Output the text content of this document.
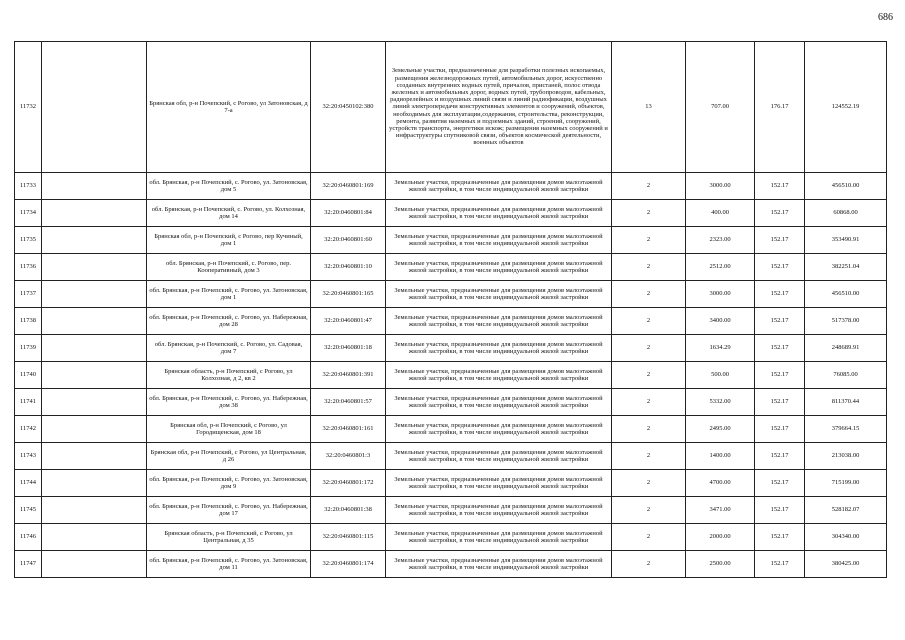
686
11732		Брянская обл, р-н Почепский, с Рогово, ул Затоновская, д 7-а	32:20:0450102:380	Земельные участки, предназначенные для разработки полезных ископаемых, размещения железнодорожных путей, автомобильных дорог, искусственно созданных внутренних водных путей, причалов, пристаней, полос отвода железных и автомобильных дорог, водных путей, трубопроводов, кабельных, радиорелейных и воздушных линий связи и линий радиофикации, воздушных линий электропередачи конструктивных элементов и сооружений, объектов, необходимых для эксплуатации,содержания, строительства, реконструкции, ремонта, развития наземных и подземных зданий, строений, сооружений, устройств транспорта, энергетики искож; размещения наземных сооружений и инфраструктуры спутниковой связи, объектов космической деятельности, военных объектов	13	707.00	176.17	124552.19
11733		обл. Брянская, р-н Почепский, с. Рогово, ул. Затоновская, дом 5	32:20:0460801:169	Земельные участки, предназначенные для размещения домов малоэтажной жилой застройки, в том числе индивидуальной жилой застройки	2	3000.00	152.17	456510.00
11734		обл. Брянская, р-н Почепский, с. Рогово, ул. Колхозная, дом 14	32:20:0460801:84	Земельные участки, предназначенные для размещения домов малоэтажной жилой застройки, в том числе индивидуальной жилой застройки	2	400.00	152.17	60868.00
11735		Брянская обл, р-н Почепский, с Рогово, пер Кучиный, дом 1	32:20:0460801:60	Земельные участки, предназначенные для размещения домов малоэтажной жилой застройки, в том числе индивидуальной жилой застройки	2	2323.00	152.17	353490.91
11736		обл. Брянская, р-н Почепский, с. Рогово, пер. Кооперативный, дом 3	32:20:0460801:10	Земельные участки, предназначенные для размещения домов малоэтажной жилой застройки, в том числе индивидуальной жилой застройки	2	2512.00	152.17	382251.04
11737		обл. Брянская, р-н Почепский, с. Рогово, ул. Затоновская, дом 1	32:20:0460801:165	Земельные участки, предназначенные для размещения домов малоэтажной жилой застройки, в том числе индивидуальной жилой застройки	2	3000.00	152.17	456510.00
11738		обл. Брянская, р-н Почепский, с. Рогово, ул. Набережная, дом 28	32:20:0460801:47	Земельные участки, предназначенные для размещения домов малоэтажной жилой застройки, в том числе индивидуальной жилой застройки	2	3400.00	152.17	517378.00
11739		обл. Брянская, р-н Почепский, с. Рогово, ул. Садовая, дом 7	32:20:0460801:18	Земельные участки, предназначенные для размещения домов малоэтажной жилой застройки, в том числе индивидуальной жилой застройки	2	1634.29	152.17	248689.91
11740		Брянская область, р-н Почепский, с Рогово, ул Колхозная, д 2, кв 2	32:20:0460801:391	Земельные участки, предназначенные для размещения домов малоэтажной жилой застройки, в том числе индивидуальной жилой застройки	2	500.00	152.17	76085.00
11741		обл. Брянская, р-н Почепский, с. Рогово, ул. Набережная, дом 38	32:20:0460801:57	Земельные участки, предназначенные для размещения домов малоэтажной жилой застройки, в том числе индивидуальной жилой застройки	2	5332.00	152.17	811370.44
11742		Брянская обл, р-н Почепский, с Рогово, ул Городищенская, дом 18	32:20:0460801:161	Земельные участки, предназначенные для размещения домов малоэтажной жилой застройки, в том числе индивидуальной жилой застройки	2	2495.00	152.17	379664.15
11743		Брянская обл, р-н Почепский, с Рогово, ул Центральная, д 26	32:20:0460801:3	Земельные участки, предназначенные для размещения домов малоэтажной жилой застройки, в том числе индивидуальной жилой застройки	2	1400.00	152.17	213038.00
11744		обл. Брянская, р-н Почепский, с. Рогово, ул. Затоновская, дом 9	32:20:0460801:172	Земельные участки, предназначенные для размещения домов малоэтажной жилой застройки, в том числе индивидуальной жилой застройки	2	4700.00	152.17	715199.00
11745		обл. Брянская, р-н Почепский, с. Рогово, ул. Набережная, дом 17	32:20:0460801:38	Земельные участки, предназначенные для размещения домов малоэтажной жилой застройки, в том числе индивидуальной жилой застройки	2	3471.00	152.17	528182.07
11746		Брянская область, р-н Почепский, с Рогово, ул Центральная, д 35	32:20:0460801:115	Земельные участки, предназначенные для размещения домов малоэтажной жилой застройки, в том числе индивидуальной жилой застройки	2	2000.00	152.17	304340.00
11747		обл. Брянская, р-н Почепский, с. Рогово, ул. Затоновская, дом 11	32:20:0460801:174	Земельные участки, предназначенные для размещения домов малоэтажной жилой застройки, в том числе индивидуальной жилой застройки	2	2500.00	152.17	380425.00
